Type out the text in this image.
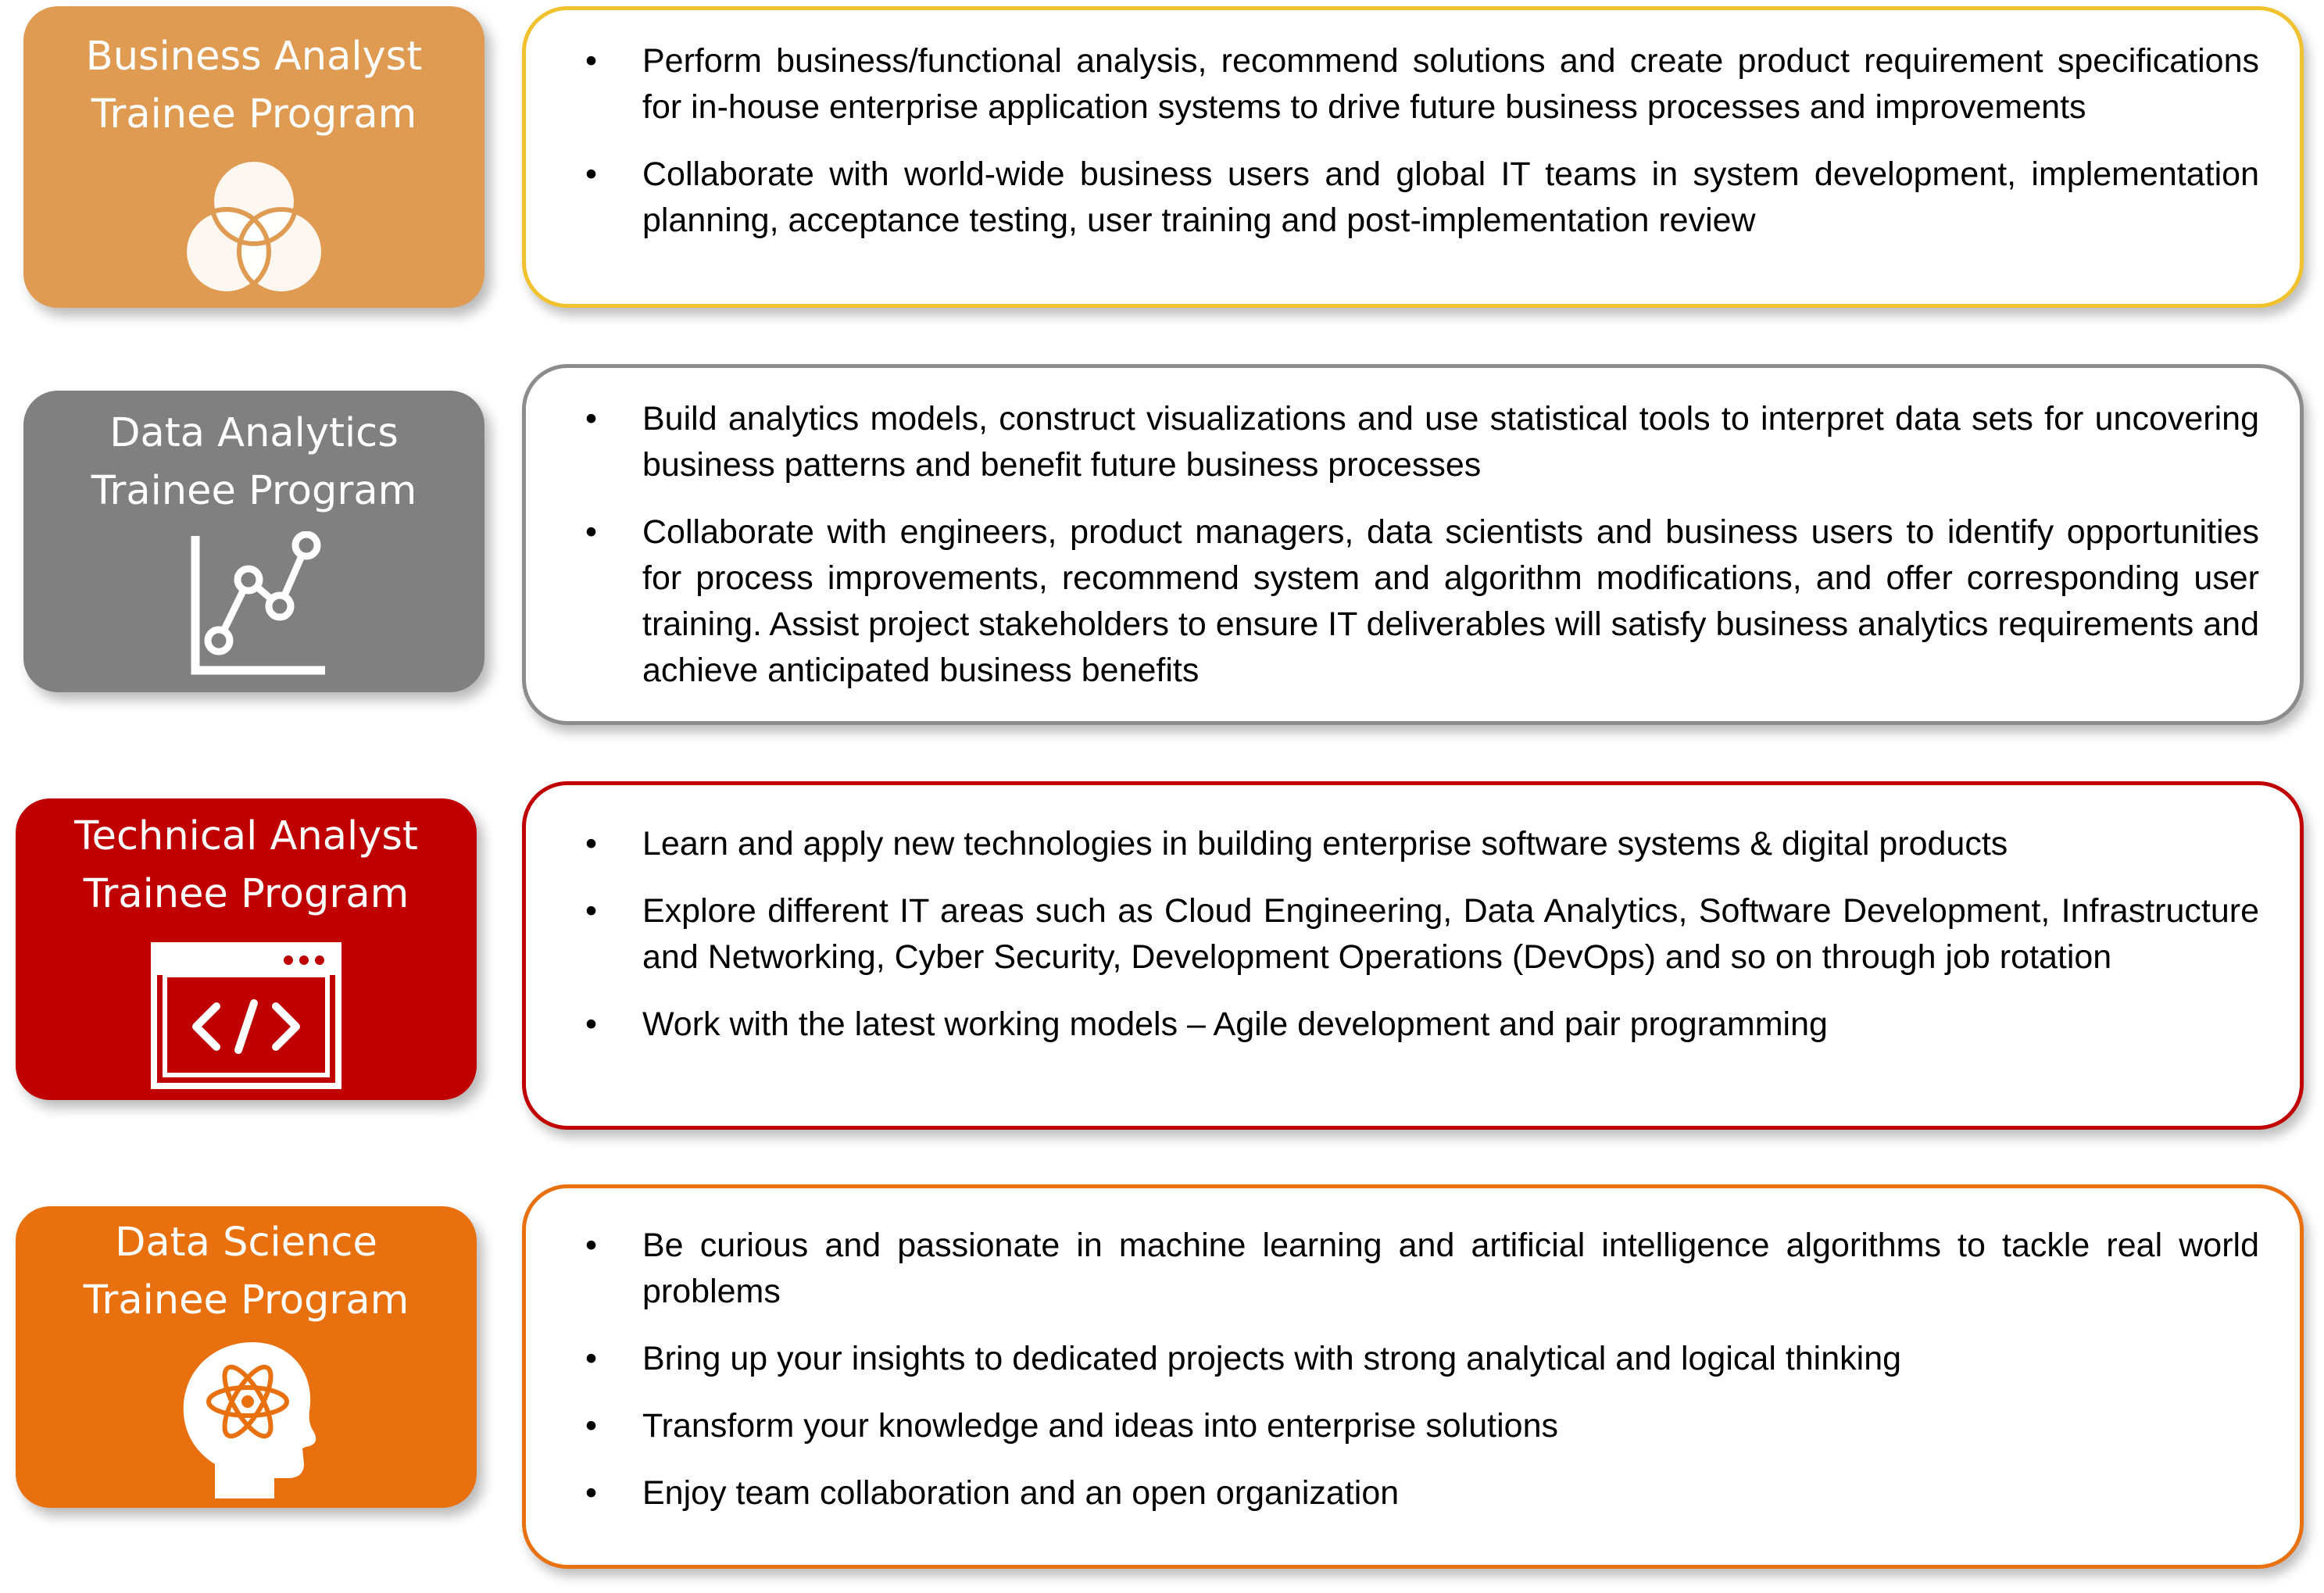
Business Analyst
Trainee Program
• Perform business/functional analysis, recommend solutions and create product requirement specifications for in-house enterprise application systems to drive future business processes and improvements
• Collaborate with world-wide business users and global IT teams in system development, implementation planning, acceptance testing, user training and post-implementation review
Data Analytics
Trainee Program
• Build analytics models, construct visualizations and use statistical tools to interpret data sets for uncovering business patterns and benefit future business processes
• Collaborate with engineers, product managers, data scientists and business users to identify opportunities for process improvements, recommend system and algorithm modifications, and offer corresponding user training. Assist project stakeholders to ensure IT deliverables will satisfy business analytics requirements and achieve anticipated business benefits
Technical Analyst
Trainee Program
• Learn and apply new technologies in building enterprise software systems & digital products
• Explore different IT areas such as Cloud Engineering, Data Analytics, Software Development, Infrastructure and Networking, Cyber Security, Development Operations (DevOps) and so on through job rotation
• Work with the latest working models – Agile development and pair programming
Data Science
Trainee Program
• Be curious and passionate in machine learning and artificial intelligence algorithms to tackle real world problems
• Bring up your insights to dedicated projects with strong analytical and logical thinking
• Transform your knowledge and ideas into enterprise solutions
• Enjoy team collaboration and an open organization
